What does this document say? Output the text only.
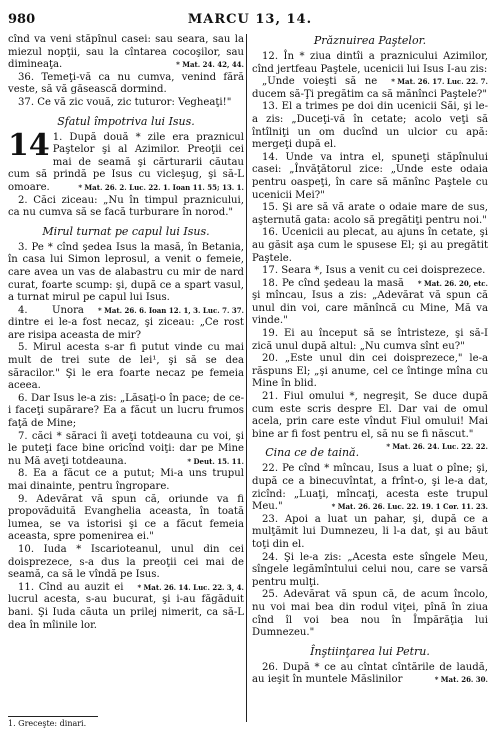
980	MARCU 13, 14.

cînd va veni stăpînul casei: sau seara, sau la miezul nopţii, sau la cîntarea cocoşilor, sau dimineaţa.	* Mat. 24. 42, 44.

36. Temeţi-vă ca nu cumva, venind fără veste, să vă găsească dormind.

37. Ce vă zic vouă, zic tuturor: Vegheaţi!"

Sfatul împotriva lui Isus.

14 1. După două * zile era praznicul Paştelor şi al Azimilor. Preoţii cei mai de seamă şi cărturarii căutau cum să prindă pe Isus cu vicleşug, şi să-L omoare.	* Mat. 26. 2. Luc. 22. 1. Ioan 11. 55; 13. 1.

2. Căci ziceau: „Nu în timpul praznicului, ca nu cumva să se facă turburare în norod."

Mirul turnat pe capul lui Isus.

3. Pe * cînd şedea Isus la masă, în Betania, în casa lui Simon leprosul, a venit o femeie, care avea un vas de alabastru cu mir de nard curat, foarte scump: şi, după ce a spart vasul, a turnat mirul pe capul lui Isus.
* Mat. 26. 6. Ioan 12. 1, 3. Luc. 7. 37.

4. Unora dintre ei le-a fost necaz, şi ziceau: „Ce rost are risipa aceasta de mir?

5. Mirul acesta s-ar fi putut vinde cu mai mult de trei sute de lei¹, şi să se dea săracilor." Şi le era foarte necaz pe femeia aceea.

6. Dar Isus le-a zis: „Lăsaţi-o în pace; de ce-i faceţi supărare? Ea a făcut un lucru frumos faţă de Mine;

7. căci * săraci îi aveţi totdeauna cu voi, şi le puteţi face bine oricînd voiţi: dar pe Mine nu Mă aveţi totdeauna.	* Deut. 15. 11.

8. Ea a făcut ce a putut; Mi-a uns trupul mai dinainte, pentru îngropare.

9. Adevărat vă spun că, oriunde va fi propovăduită Evanghelia aceasta, în toată lumea, se va istorisi şi ce a făcut femeia aceasta, spre pomenirea ei."

10. Iuda * Iscarioteanul, unul din cei doisprezece, s-a dus la preoţii cei mai de seamă, ca să le vîndă pe Isus.
* Mat. 26. 14. Luc. 22. 3, 4.

11. Cînd au auzit ei lucrul acesta, s-au bucurat, şi i-au făgăduit bani. Şi Iuda căuta un prilej nimerit, ca să-L dea în mîinile lor.

Prăznuirea Paştelor.

12. În * ziua dintîi a praznicului Azimilor, cînd jertfeau Paştele, ucenicii lui Isus I-au zis:
* Mat. 26. 17. Luc. 22. 7.

„Unde voieşti să ne ducem să-Ţi pregătim ca să mănînci Paştele?"

13. El a trimes pe doi din ucenicii Săi, şi le-a zis: „Duceţi-vă în cetate; acolo veţi să întîlniţi un om ducînd un ulcior cu apă: mergeţi după el.

14. Unde va intra el, spuneţi stăpînului casei: „Învăţătorul zice: „Unde este odaia pentru oaspeţi, în care să mănînc Paştele cu ucenicii Mei?"

15. Şi are să vă arate o odaie mare de sus, aşternută gata: acolo să pregătiţi pentru noi."

16. Ucenicii au plecat, au ajuns în cetate, şi au găsit aşa cum le spusese El; şi au pregătit Paştele.

17. Seara *, Isus a venit cu cei doisprezece.
* Mat. 26. 20, etc.

18. Pe cînd şedeau la masă şi mîncau, Isus a zis: „Adevărat vă spun că unul din voi, care mănîncă cu Mine, Mă va vinde."

19. Ei au început să se întristeze, şi să-I zică unul după altul: „Nu cumva sînt eu?"

20. „Este unul din cei doisprezece," le-a răspuns El; „şi anume, cel ce întinge mîna cu Mine în blid.

21. Fiul omului *, negreşit, Se duce după cum este scris despre El. Dar vai de omul acela, prin care este vîndut Fiul omului! Mai bine ar fi fost pentru el, să nu se fi născut."
* Mat. 26. 24. Luc. 22. 22.

Cina ce de taină.

22. Pe cînd * mîncau, Isus a luat o pîne; şi, după ce a binecuvîntat, a frînt-o, şi le-a dat, zicînd: „Luaţi, mîncaţi, acesta este trupul Meu."	* Mat. 26. 26. Luc. 22. 19. 1 Cor. 11. 23.

23. Apoi a luat un pahar, şi, după ce a mulţămit lui Dumnezeu, li l-a dat, şi au băut toţi din el.

24. Şi le-a zis: „Acesta este sîngele Meu, sîngele legămîntului celui nou, care se varsă pentru mulţi.

25. Adevărat vă spun că, de acum încolo, nu voi mai bea din rodul viţei, pînă în ziua cînd îl voi bea nou în Împărăţia lui Dumnezeu."

Înştiinţarea lui Petru.

26. După * ce au cîntat cîntările de laudă, au ieşit în muntele Măslinilor	* Mat. 26. 30.

1. Greceşte: dinari.
